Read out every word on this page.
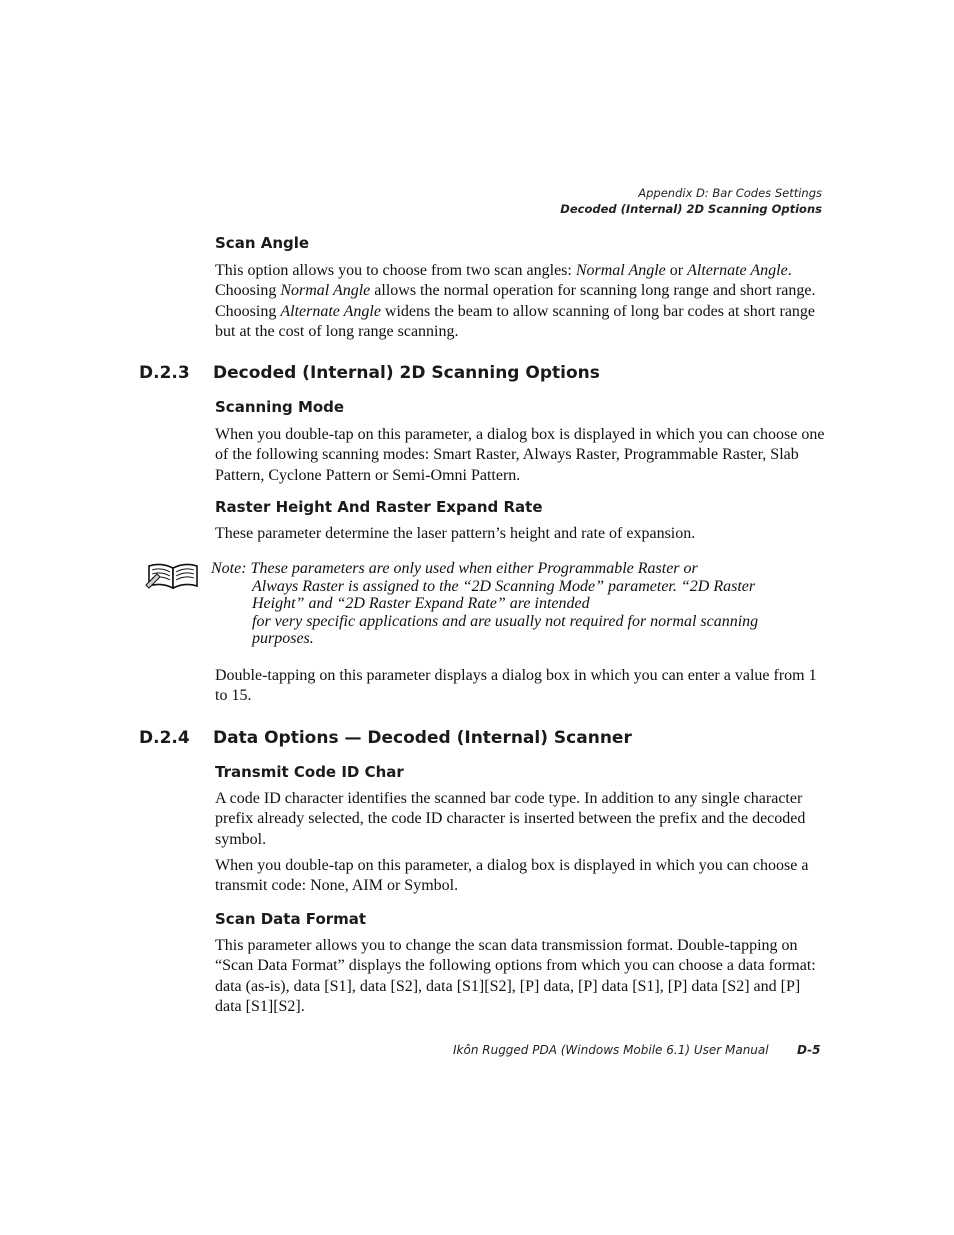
Appendix D: Bar Codes Settings
Decoded (Internal) 2D Scanning Options
Scan Angle
This option allows you to choose from two scan angles: Normal Angle or Alternate Angle. Choosing Normal Angle allows the normal operation for scanning long range and short range. Choosing Alternate Angle widens the beam to allow scanning of long bar codes at short range but at the cost of long range scanning.
D.2.3 Decoded (Internal) 2D Scanning Options
Scanning Mode
When you double-tap on this parameter, a dialog box is displayed in which you can choose one of the following scanning modes: Smart Raster, Always Raster, Programmable Raster, Slab Pattern, Cyclone Pattern or Semi-Omni Pattern.
Raster Height And Raster Expand Rate
These parameter determine the laser pattern’s height and rate of expansion.
Note: These parameters are only used when either Programmable Raster or
Always Raster is assigned to the “2D Scanning Mode” parameter. “2D Raster
Height” and “2D Raster Expand Rate” are intended
for very specific applications and are usually not required for normal scanning
purposes.
Double-tapping on this parameter displays a dialog box in which you can enter a value from 1 to 15.
D.2.4 Data Options — Decoded (Internal) Scanner
Transmit Code ID Char
A code ID character identifies the scanned bar code type. In addition to any single character prefix already selected, the code ID character is inserted between the prefix and the decoded symbol.
When you double-tap on this parameter, a dialog box is displayed in which you can choose a transmit code: None, AIM or Symbol.
Scan Data Format
This parameter allows you to change the scan data transmission format. Double-tapping on “Scan Data Format” displays the following options from which you can choose a data format: data (as-is), data [S1], data [S2], data [S1][S2], [P] data, [P] data [S1], [P] data [S2] and [P] data [S1][S2].
Ikôn Rugged PDA (Windows Mobile 6.1) User Manual D-5
